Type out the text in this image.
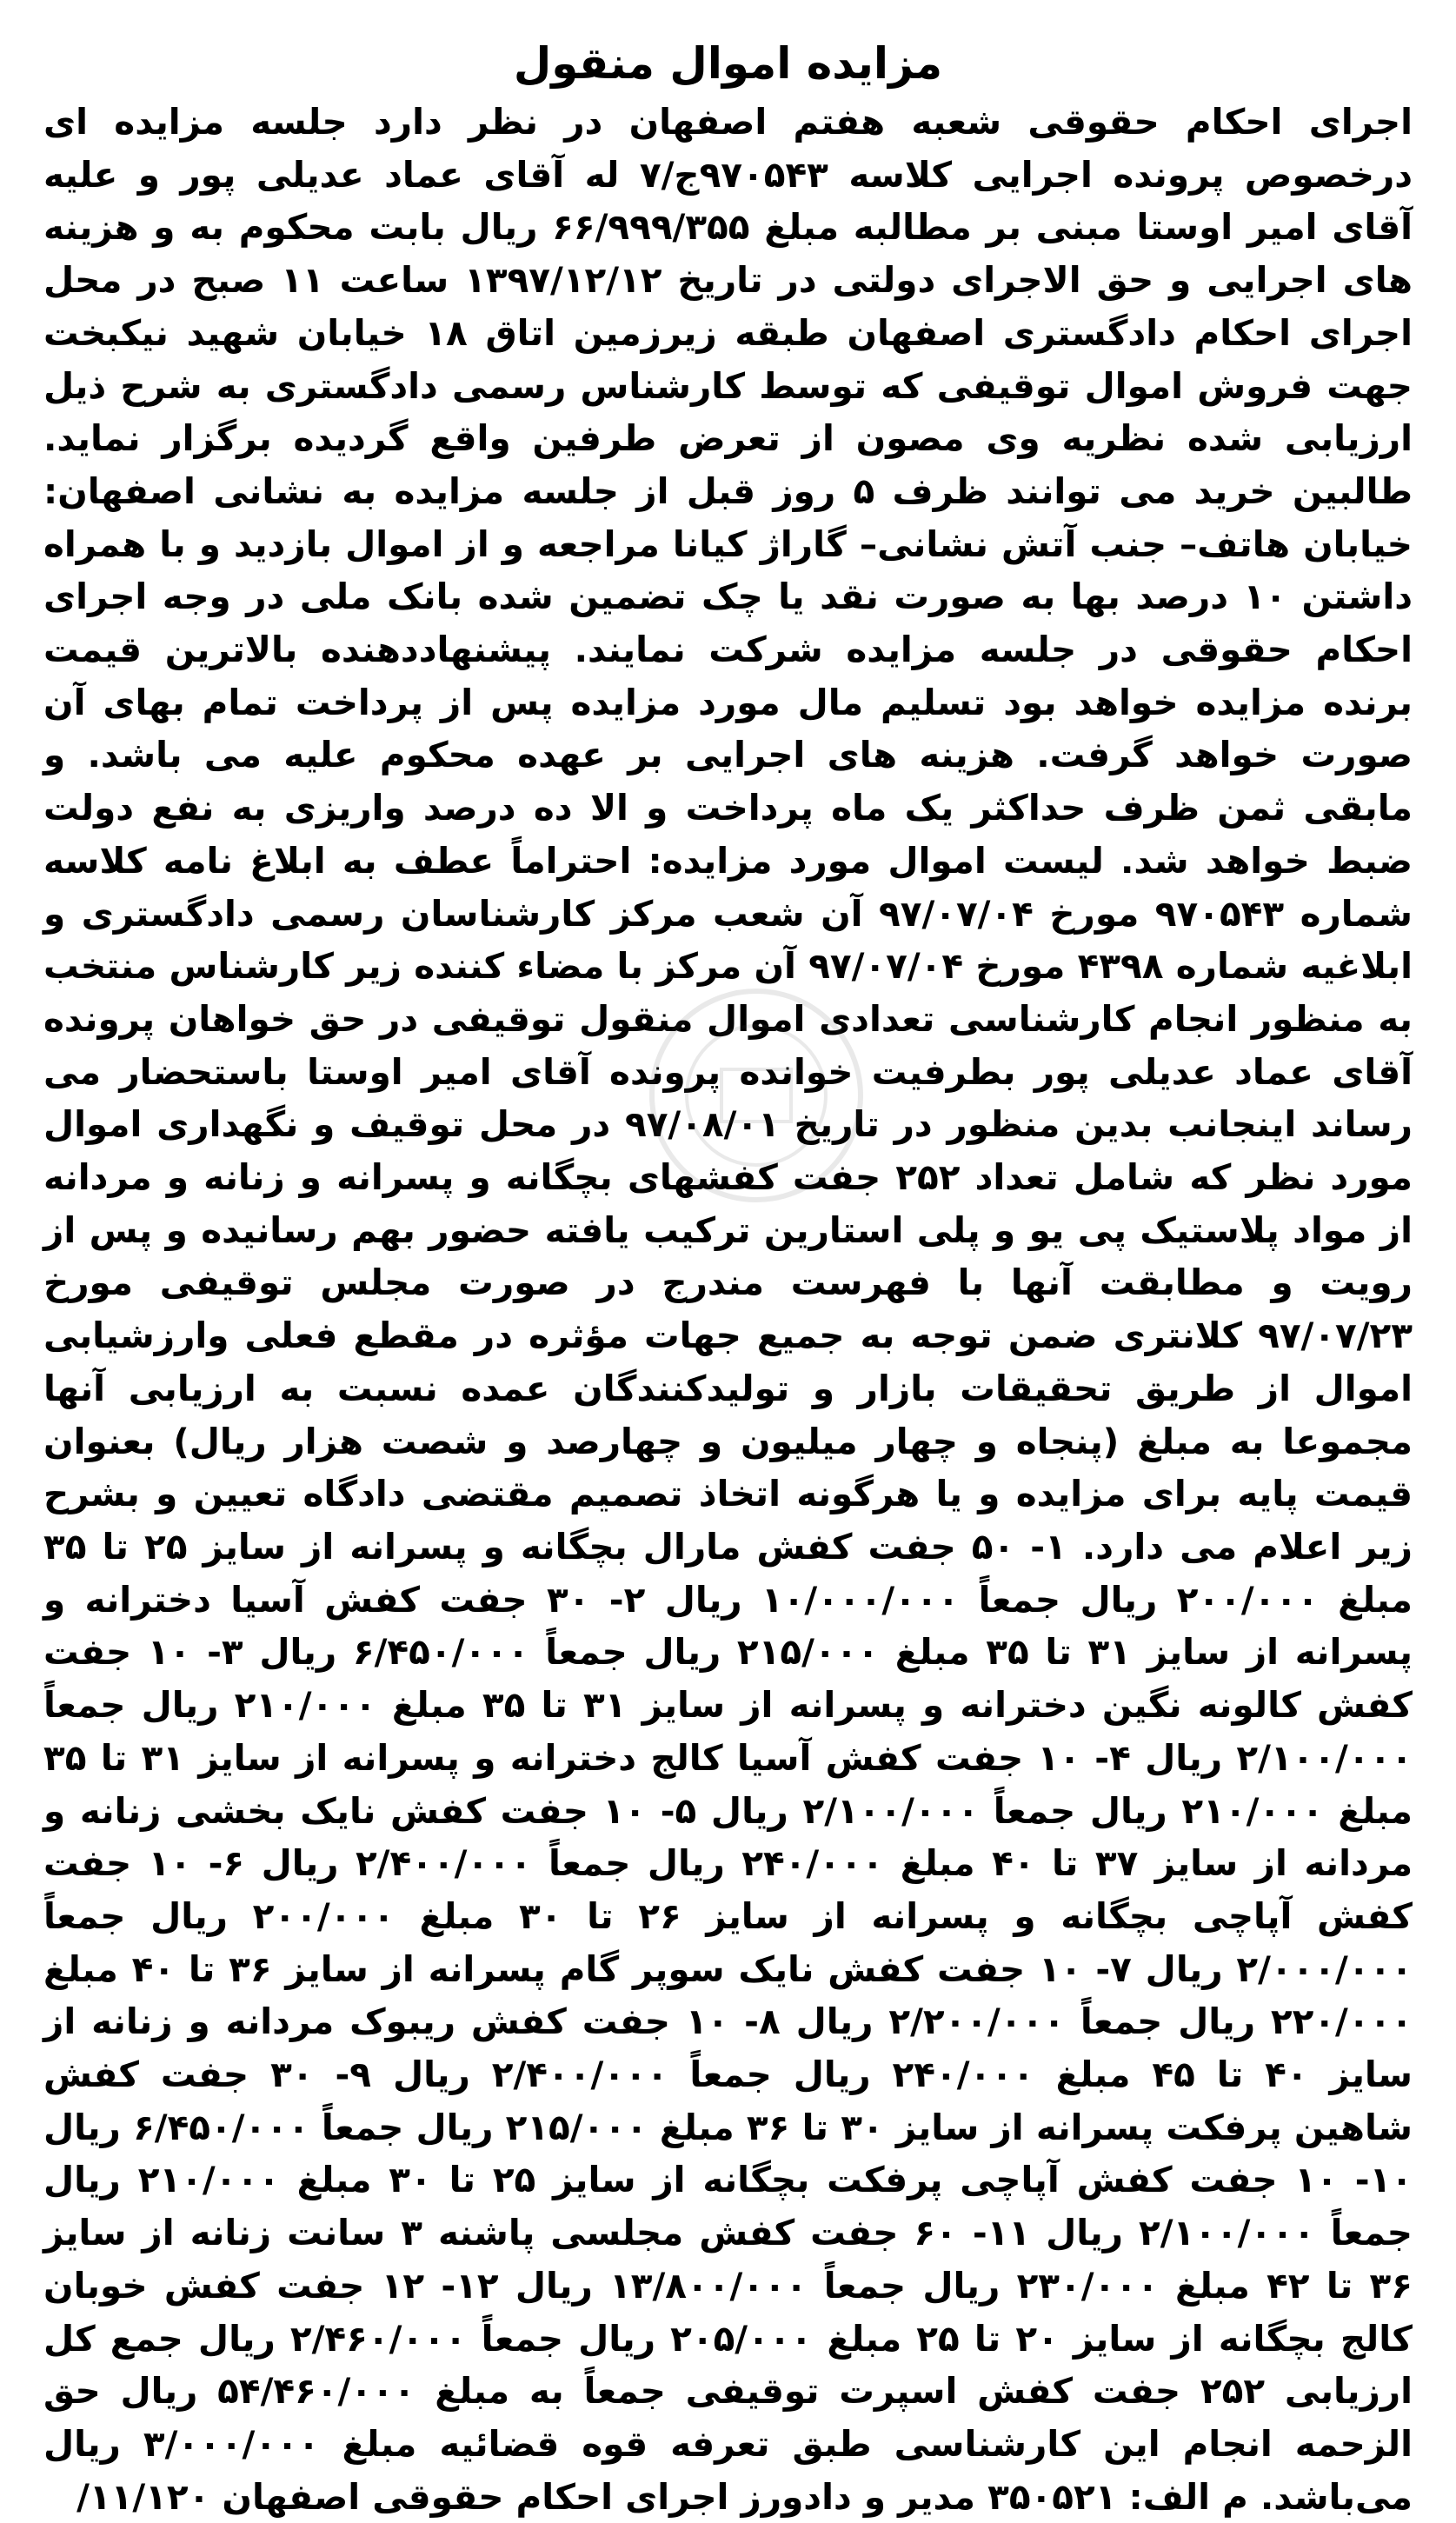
مزایده اموال منقول

اجرای احکام حقوقی شعبه هفتم اصفهان در نظر دارد جلسه مزایده ای درخصوص پرونده اجرایی کلاسه ۹۷۰۵۴۳ج/۷ له آقای عماد عدیلی پور و علیه آقای امیر اوستا مبنی بر مطالبه مبلغ ۶۶/۹۹۹/۳۵۵ ریال بابت محکوم به و هزینه های اجرایی و حق الاجرای دولتی در تاریخ ۱۳۹۷/۱۲/۱۲ ساعت ۱۱ صبح در محل اجرای احکام دادگستری اصفهان طبقه زیرزمین اتاق ۱۸ خیابان شهید نیکبخت جهت فروش اموال توقیفی که توسط کارشناس رسمی دادگستری به شرح ذیل ارزیابی شده نظریه وی مصون از تعرض طرفین واقع گردیده برگزار نماید. طالبین خرید می توانند ظرف ۵ روز قبل از جلسه مزایده به نشانی اصفهان: خیابان هاتف– جنب آتش نشانی– گاراژ کیانا مراجعه و از اموال بازدید و با همراه داشتن ۱۰ درصد بها به صورت نقد یا چک تضمین شده بانک ملی در وجه اجرای احکام حقوقی در جلسه مزایده شرکت نمایند. پیشنهاددهنده بالاترین قیمت برنده مزایده خواهد بود تسلیم مال مورد مزایده پس از پرداخت تمام بهای آن صورت خواهد گرفت. هزینه های اجرایی بر عهده محکوم علیه می باشد. و مابقی ثمن ظرف حداکثر یک ماه پرداخت و الا ده درصد واریزی به نفع دولت ضبط خواهد شد. لیست اموال مورد مزایده: احتراماً عطف به ابلاغ نامه کلاسه شماره ۹۷۰۵۴۳ مورخ ۹۷/۰۷/۰۴ آن شعب مرکز کارشناسان رسمی دادگستری و ابلاغیه شماره ۴۳۹۸ مورخ ۹۷/۰۷/۰۴ آن مرکز با مضاء کننده زیر کارشناس منتخب به منظور انجام کارشناسی تعدادی اموال منقول توقیفی در حق خواهان پرونده آقای عماد عدیلی پور بطرفیت خوانده پرونده آقای امیر اوستا باستحضار می رساند اینجانب بدین منظور در تاریخ ۹۷/۰۸/۰۱ در محل توقیف و نگهداری اموال مورد نظر که شامل تعداد ۲۵۲ جفت کفشهای بچگانه و پسرانه و زنانه و مردانه از مواد پلاستیک پی یو و پلی استارین ترکیب یافته حضور بهم رسانیده و پس از رویت و مطابقت آنها با فهرست مندرج در صورت مجلس توقیفی مورخ ۹۷/۰۷/۲۳ کلانتری ضمن توجه به جمیع جهات مؤثره در مقطع فعلی وارزشیابی اموال از طریق تحقیقات بازار و تولیدکنندگان عمده نسبت به ارزیابی آنها مجموعا به مبلغ (پنجاه و چهار میلیون و چهارصد و شصت هزار ریال) بعنوان قیمت پایه برای مزایده و یا هرگونه اتخاذ تصمیم مقتضی دادگاه تعیین و بشرح زیر اعلام می دارد. ۱- ۵۰ جفت کفش مارال بچگانه و پسرانه از سایز ۲۵ تا ۳۵ مبلغ ۲۰۰/۰۰۰ ریال جمعاً ۱۰/۰۰۰/۰۰۰ ریال ۲- ۳۰ جفت کفش آسیا دخترانه و پسرانه از سایز ۳۱ تا ۳۵ مبلغ ۲۱۵/۰۰۰ ریال جمعاً ۶/۴۵۰/۰۰۰ ریال ۳- ۱۰ جفت کفش کالونه نگین دخترانه و پسرانه از سایز ۳۱ تا ۳۵ مبلغ ۲۱۰/۰۰۰ ریال جمعاً ۲/۱۰۰/۰۰۰ ریال ۴- ۱۰ جفت کفش آسیا کالج دخترانه و پسرانه از سایز ۳۱ تا ۳۵ مبلغ ۲۱۰/۰۰۰ ریال جمعاً ۲/۱۰۰/۰۰۰ ریال ۵- ۱۰ جفت کفش نایک بخشی زنانه و مردانه از سایز ۳۷ تا ۴۰ مبلغ ۲۴۰/۰۰۰ ریال جمعاً ۲/۴۰۰/۰۰۰ ریال ۶- ۱۰ جفت کفش آپاچی بچگانه و پسرانه از سایز ۲۶ تا ۳۰ مبلغ ۲۰۰/۰۰۰ ریال جمعاً ۲/۰۰۰/۰۰۰ ریال ۷- ۱۰ جفت کفش نایک سوپر گام پسرانه از سایز ۳۶ تا ۴۰ مبلغ ۲۲۰/۰۰۰ ریال جمعاً ۲/۲۰۰/۰۰۰ ریال ۸- ۱۰ جفت کفش ریبوک مردانه و زنانه از سایز ۴۰ تا ۴۵ مبلغ ۲۴۰/۰۰۰ ریال جمعاً ۲/۴۰۰/۰۰۰ ریال ۹- ۳۰ جفت کفش شاهین پرفکت پسرانه از سایز ۳۰ تا ۳۶ مبلغ ۲۱۵/۰۰۰ ریال جمعاً ۶/۴۵۰/۰۰۰ ریال ۱۰- ۱۰ جفت کفش آپاچی پرفکت بچگانه از سایز ۲۵ تا ۳۰ مبلغ ۲۱۰/۰۰۰ ریال جمعاً ۲/۱۰۰/۰۰۰ ریال ۱۱- ۶۰ جفت کفش مجلسی پاشنه ۳ سانت زنانه از سایز ۳۶ تا ۴۲ مبلغ ۲۳۰/۰۰۰ ریال جمعاً ۱۳/۸۰۰/۰۰۰ ریال ۱۲- ۱۲ جفت کفش خوبان کالج بچگانه از سایز ۲۰ تا ۲۵ مبلغ ۲۰۵/۰۰۰ ریال جمعاً ۲/۴۶۰/۰۰۰ ریال جمع کل ارزیابی ۲۵۲ جفت کفش اسپرت توقیفی جمعاً به مبلغ ۵۴/۴۶۰/۰۰۰ ریال حق الزحمه انجام این کارشناسی طبق تعرفه قوه قضائیه مبلغ ۳/۰۰۰/۰۰۰ ریال می‌باشد. م الف: ۳۵۰۵۲۱ مدیر و دادورز اجرای احکام حقوقی اصفهان ۱۱/۱۲۰/
